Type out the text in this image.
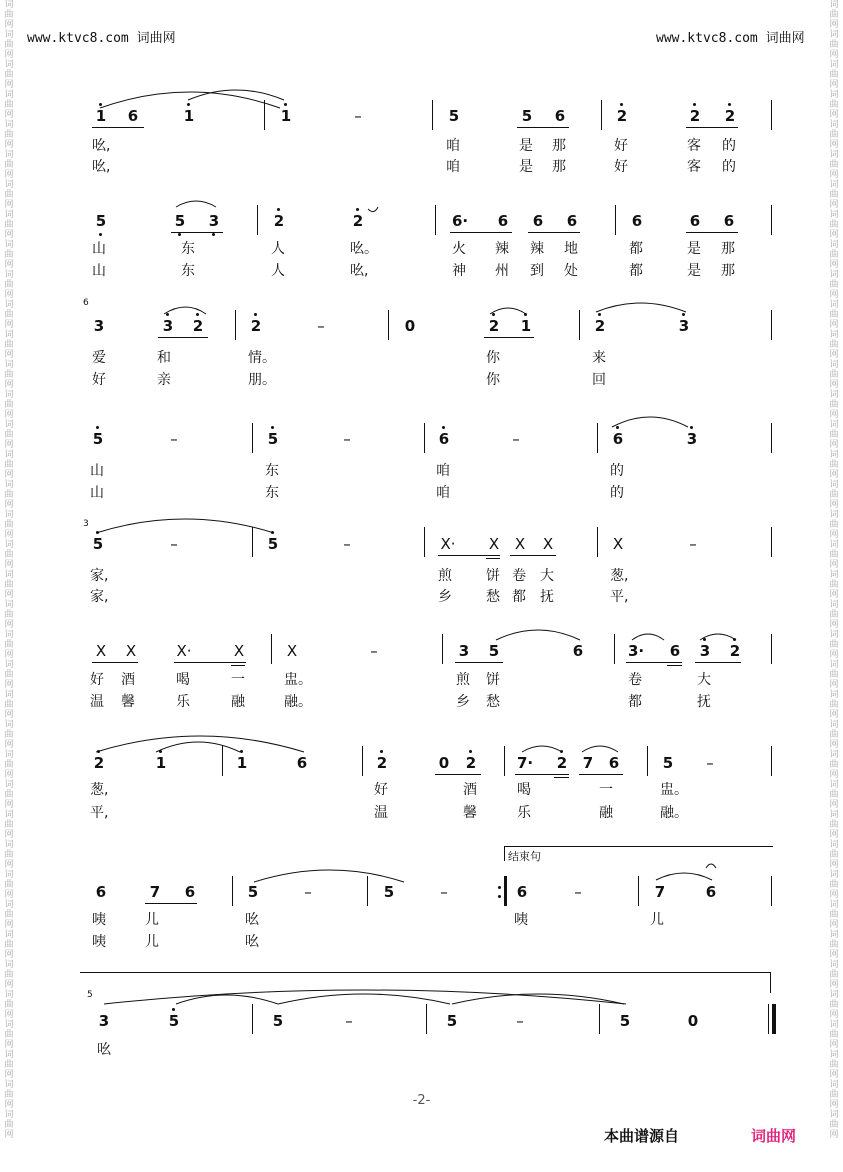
词
曲
网
词
曲
网
词
曲
网
词
曲
网
词
曲
网
词
曲
网
词
曲
网
词
曲
网
词
曲
网
词
曲
网
词
曲
网
词
曲
网
词
曲
网
词
曲
网
词
曲
网
词
曲
网
词
曲
网
词
曲
网
词
曲
网
词
曲
网
词
曲
网
词
曲
网
词
曲
网
词
曲
网
词
曲
网
词
曲
网
词
曲
网
词
曲
网
词
曲
网
词
曲
网
词
曲
网
词
曲
网
词
曲
网
词
曲
网
词
曲
网
词
曲
网
词
曲
网
词
曲
网
词
曲
网
词
曲
网
词
曲
网
词
曲
网
词
曲
网
词
曲
网
词
曲
网
词
曲
网
词
曲
网
词
曲
网
词
曲
网
词
曲
网
词
曲
网
词
曲
网
词
曲
网
词
曲
网
词
曲
网
词
曲
网
词
曲
网
词
曲
网
词
曲
网
词
曲
网
词
曲
网
词
曲
网
词
曲
网
词
曲
网
词
曲
网
词
曲
网
词
曲
网
词
曲
网
词
曲
网
词
曲
网
词
曲
网
词
曲
网
词
曲
网
词
曲
网
词
曲
网
词
曲
网
www.ktvc8.com 词曲网	www.ktvc8.com 词曲网
1 6	1	1	–	5	5 6	2	2 2
吆,	咱	是 那	好	客 的
吆,	咱	是 那	好	客 的
5	5 3	2	2	6· 6 6 6	6	6 6
山	东	人	吆。	火 辣 辣 地	都	是 那
山	东	人	吆,	神 州 到 处	都	是 那
6
3	3 2	2	–	0	2 1	2	3
爱	和	情。	你	来
好	亲	朋。	你	回
5	–	5	–	6	–	6	3
山	东	咱	的
山	东	咱	的
3
5	–	5	–	X· X X X	X	–
家,	煎 饼 卷 大	葱,
家,	乡 愁 都 抚	平,
X X	X·	X	X	–	3 5	6	3· 6 3 2
好 酒	喝	一	盅。	煎 饼	卷	大
温 馨	乐	融	融。	乡 愁	都	抚
2	1	1	6	2	0 2	7· 2 7 6	5 –
葱,	好	酒	喝	一	盅。
平,	温	馨	乐	融	融。
结束句
6	7 6	5	–	5	–	6	–	7	6
咦	儿	吆	咦	儿
咦	儿	吆
5
3	5	5	–	5	–	5	0
吆
-2-
本曲谱源自	词曲网
